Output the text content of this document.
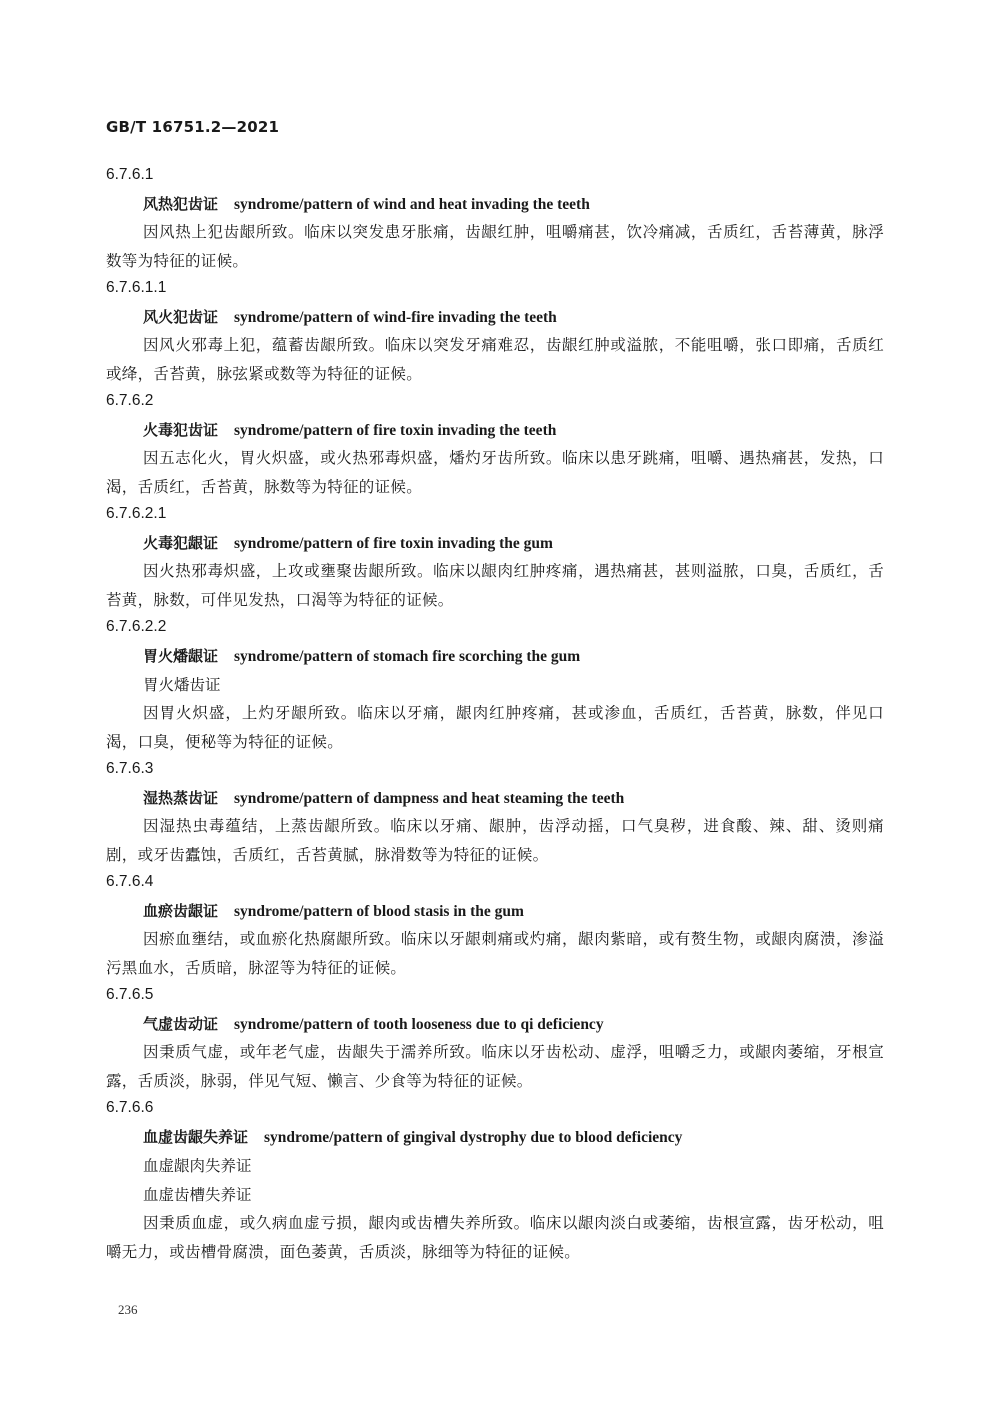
GB/T 16751.2—2021
6.7.6.1
风热犯齿证 syndrome/pattern of wind and heat invading the teeth
因风热上犯齿龈所致。临床以突发患牙胀痛，齿龈红肿，咀嚼痛甚，饮冷痛减，舌质红，舌苔薄黄，脉浮数等为特征的证候。
6.7.6.1.1
风火犯齿证 syndrome/pattern of wind-fire invading the teeth
因风火邪毒上犯，蕴蓄齿龈所致。临床以突发牙痛难忍，齿龈红肿或溢脓，不能咀嚼，张口即痛，舌质红或绛，舌苔黄，脉弦紧或数等为特征的证候。
6.7.6.2
火毒犯齿证 syndrome/pattern of fire toxin invading the teeth
因五志化火，胃火炽盛，或火热邪毒炽盛，燔灼牙齿所致。临床以患牙跳痛，咀嚼、遇热痛甚，发热，口渴，舌质红，舌苔黄，脉数等为特征的证候。
6.7.6.2.1
火毒犯龈证 syndrome/pattern of fire toxin invading the gum
因火热邪毒炽盛，上攻或壅聚齿龈所致。临床以龈肉红肿疼痛，遇热痛甚，甚则溢脓，口臭，舌质红，舌苔黄，脉数，可伴见发热，口渴等为特征的证候。
6.7.6.2.2
胃火燔龈证 syndrome/pattern of stomach fire scorching the gum
胃火燔齿证
因胃火炽盛，上灼牙龈所致。临床以牙痛，龈肉红肿疼痛，甚或渗血，舌质红，舌苔黄，脉数，伴见口渴，口臭，便秘等为特征的证候。
6.7.6.3
湿热蒸齿证 syndrome/pattern of dampness and heat steaming the teeth
因湿热虫毒蕴结，上蒸齿龈所致。临床以牙痛、龈肿，齿浮动摇，口气臭秽，进食酸、辣、甜、烫则痛剧，或牙齿蠹蚀，舌质红，舌苔黄腻，脉滑数等为特征的证候。
6.7.6.4
血瘀齿龈证 syndrome/pattern of blood stasis in the gum
因瘀血壅结，或血瘀化热腐龈所致。临床以牙龈刺痛或灼痛，龈肉紫暗，或有赘生物，或龈肉腐溃，渗溢污黑血水，舌质暗，脉涩等为特征的证候。
6.7.6.5
气虚齿动证 syndrome/pattern of tooth looseness due to qi deficiency
因秉质气虚，或年老气虚，齿龈失于濡养所致。临床以牙齿松动、虚浮，咀嚼乏力，或龈肉萎缩，牙根宣露，舌质淡，脉弱，伴见气短、懒言、少食等为特征的证候。
6.7.6.6
血虚齿龈失养证 syndrome/pattern of gingival dystrophy due to blood deficiency
血虚龈肉失养证
血虚齿槽失养证
因秉质血虚，或久病血虚亏损，龈肉或齿槽失养所致。临床以龈肉淡白或萎缩，齿根宣露，齿牙松动，咀嚼无力，或齿槽骨腐溃，面色萎黄，舌质淡，脉细等为特征的证候。
236
